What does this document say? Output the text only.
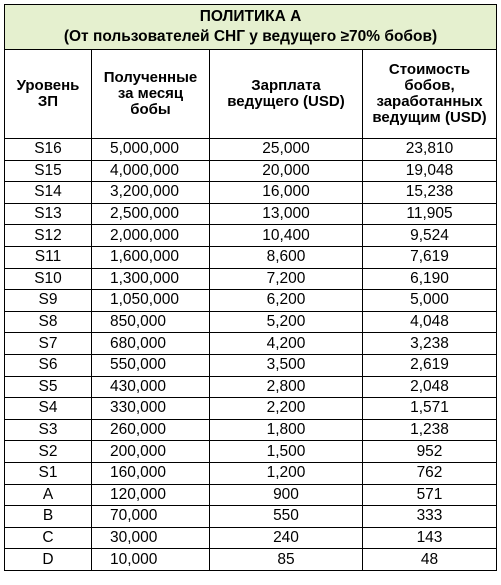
ПОЛИТИКА А
(От пользователей СНГ у ведущего ≥70% бобов)			

Уровень ЗП	Полученные за месяц бобы	Зарплата ведущего (USD)	Стоимость бобов, заработанных ведущим (USD)
S16	5,000,000	25,000	23,810
S15	4,000,000	20,000	19,048
S14	3,200,000	16,000	15,238
S13	2,500,000	13,000	11,905
S12	2,000,000	10,400	9,524
S11	1,600,000	8,600	7,619
S10	1,300,000	7,200	6,190
S9	1,050,000	6,200	5,000
S8	850,000	5,200	4,048
S7	680,000	4,200	3,238
S6	550,000	3,500	2,619
S5	430,000	2,800	2,048
S4	330,000	2,200	1,571
S3	260,000	1,800	1,238
S2	200,000	1,500	952
S1	160,000	1,200	762
A	120,000	900	571
B	70,000	550	333
C	30,000	240	143
D	10,000	85	48
